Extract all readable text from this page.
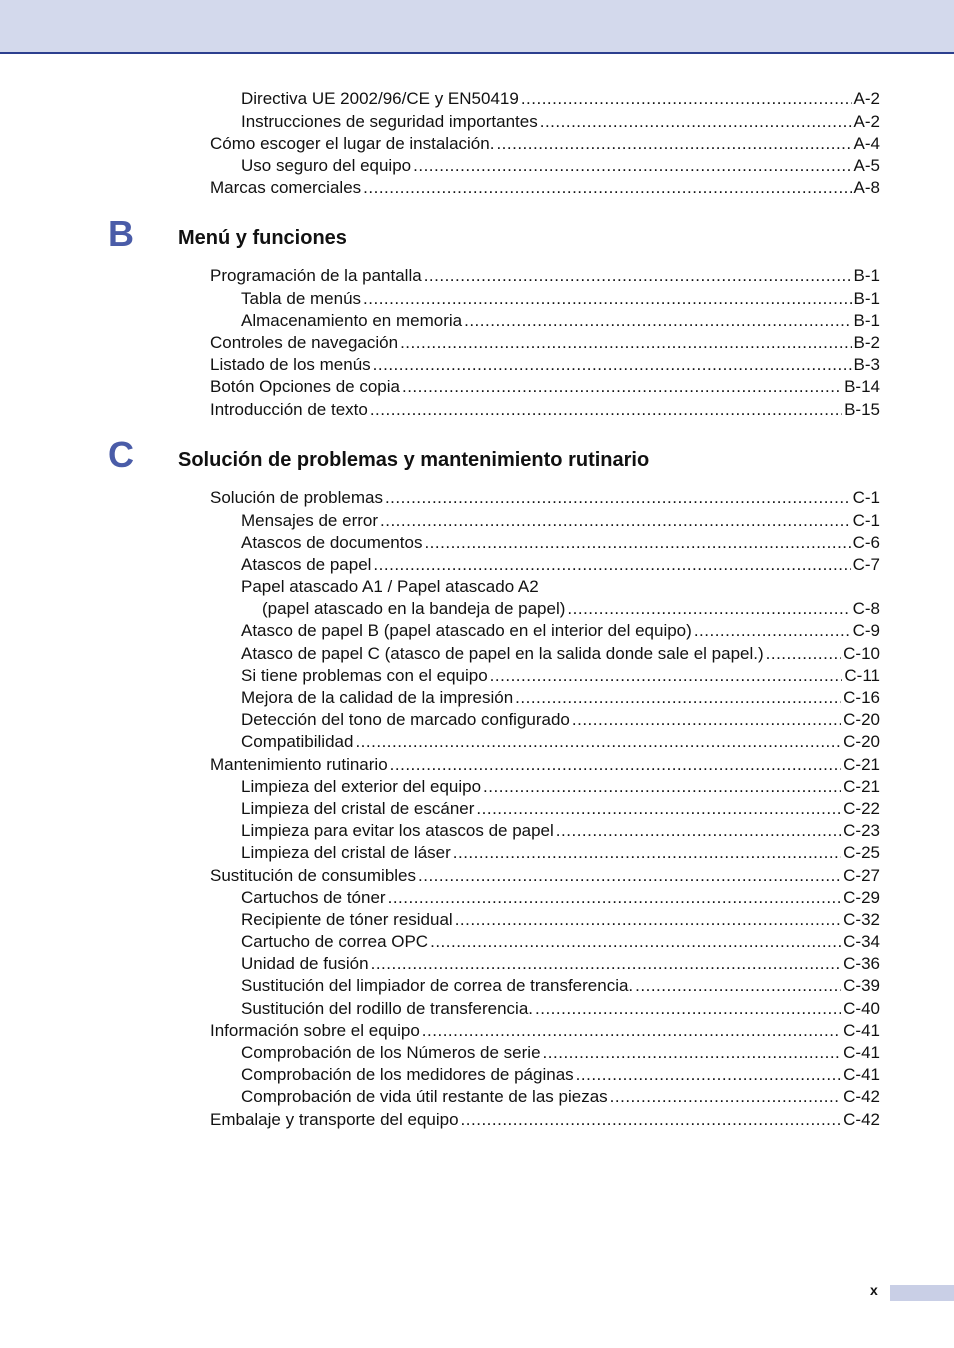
Directiva UE 2002/96/CE y EN50419 .....	A-2
Instrucciones de seguridad importantes .....	A-2
Cómo escoger el lugar de instalación. .....	A-4
Uso seguro del equipo .....	A-5
Marcas comerciales .....	A-8
B	Menú y funciones
Programación de la pantalla .....	B-1
Tabla de menús .....	B-1
Almacenamiento en memoria .....	B-1
Controles de navegación .....	B-2
Listado de los menús .....	B-3
Botón Opciones de copia .....	B-14
Introducción de texto .....	B-15
C	Solución de problemas y mantenimiento rutinario
Solución de problemas .....	C-1
Mensajes de error .....	C-1
Atascos de documentos .....	C-6
Atascos de papel .....	C-7
Papel atascado A1 / Papel atascado A2
(papel atascado en la bandeja de papel) .....	C-8
Atasco de papel B (papel atascado en el interior del equipo) .....	C-9
Atasco de papel C (atasco de papel en la salida donde sale el papel.) .....	C-10
Si tiene problemas con el equipo .....	C-11
Mejora de la calidad de la impresión .....	C-16
Detección del tono de marcado configurado .....	C-20
Compatibilidad .....	C-20
Mantenimiento rutinario .....	C-21
Limpieza del exterior del equipo .....	C-21
Limpieza del cristal de escáner .....	C-22
Limpieza para evitar los atascos de papel .....	C-23
Limpieza del cristal de láser .....	C-25
Sustitución de consumibles .....	C-27
Cartuchos de tóner .....	C-29
Recipiente de tóner residual .....	C-32
Cartucho de correa OPC .....	C-34
Unidad de fusión .....	C-36
Sustitución del limpiador de correa de transferencia. .....	C-39
Sustitución del rodillo de transferencia. .....	C-40
Información sobre el equipo .....	C-41
Comprobación de los Números de serie .....	C-41
Comprobación de los medidores de páginas .....	C-41
Comprobación de vida útil restante de las piezas .....	C-42
Embalaje y transporte del equipo .....	C-42
x
